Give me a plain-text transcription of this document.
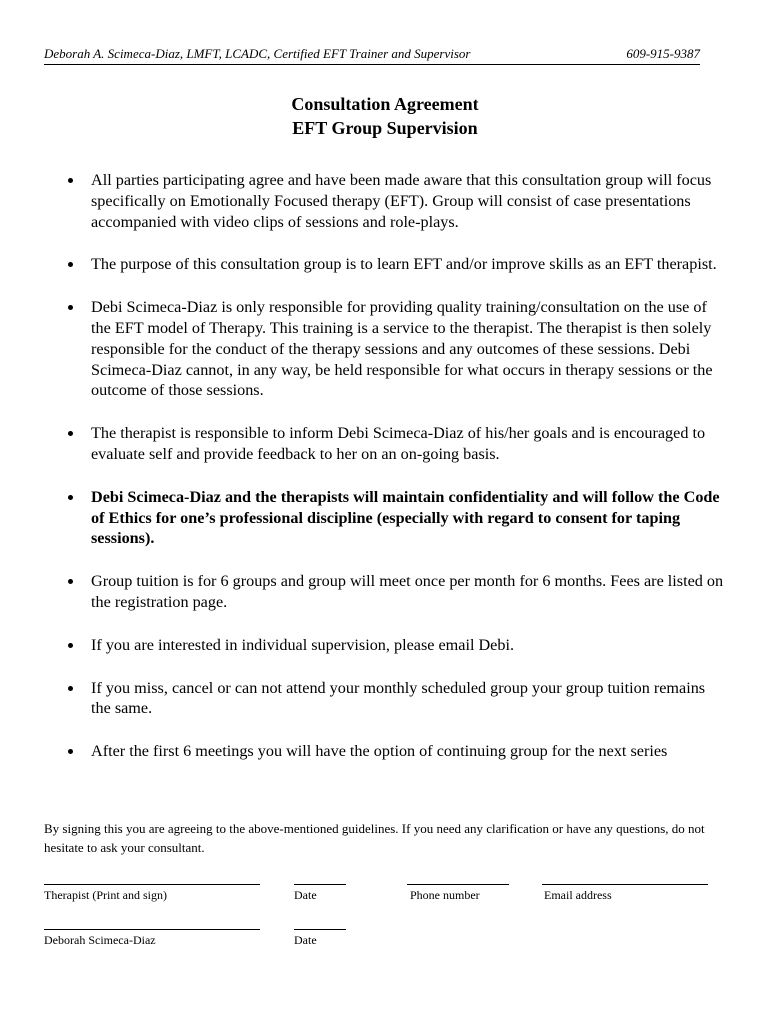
Deborah A. Scimeca-Diaz, LMFT, LCADC, Certified EFT Trainer and Supervisor	609-915-9387
Consultation Agreement
EFT Group Supervision
All parties participating agree and have been made aware that this consultation group will focus specifically on Emotionally Focused therapy (EFT). Group will consist of case presentations accompanied with video clips of sessions and role-plays.
The purpose of this consultation group is to learn EFT and/or improve skills as an EFT therapist.
Debi Scimeca-Diaz is only responsible for providing quality training/consultation on the use of the EFT model of Therapy. This training is a service to the therapist. The therapist is then solely responsible for the conduct of the therapy sessions and any outcomes of these sessions. Debi Scimeca-Diaz cannot, in any way, be held responsible for what occurs in therapy sessions or the outcome of those sessions.
The therapist is responsible to inform Debi Scimeca-Diaz of his/her goals and is encouraged to evaluate self and provide feedback to her on an on-going basis.
Debi Scimeca-Diaz and the therapists will maintain confidentiality and will follow the Code of Ethics for one’s professional discipline (especially with regard to consent for taping sessions).
Group tuition is for 6 groups and group will meet once per month for 6 months. Fees are listed on the registration page.
If you are interested in individual supervision, please email Debi.
If you miss, cancel or can not attend your monthly scheduled group your group tuition remains the same.
After the first 6 meetings you will have the option of continuing group for the next series
By signing this you are agreeing to the above-mentioned guidelines. If you need any clarification or have any questions, do not hesitate to ask your consultant.
Therapist (Print and sign)	Date	Phone number	Email address
Deborah Scimeca-Diaz	Date
